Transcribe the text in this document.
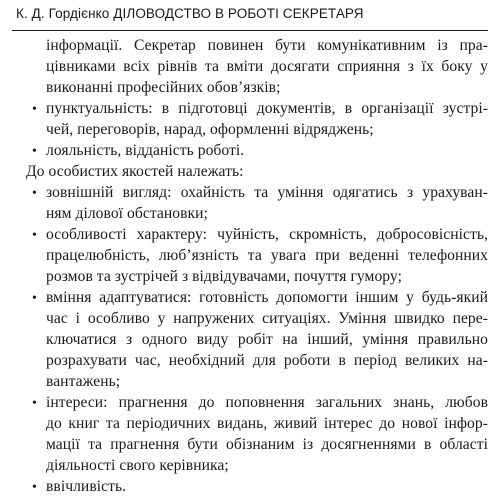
К. Д. Гордієнко ДІЛОВОДСТВО В РОБОТІ СЕКРЕТАРЯ
інформації. Секретар повинен бути комунікативним із пра-
цівниками всіх рівнів та вміти досягати сприяння з їх боку у
виконанні професійних обов’язків;
• пунктуальність: в підготовці документів, в організації зустрі-
чей, переговорів, нарад, оформленні відряджень;
• лояльність, відданість роботі.
До особистих якостей належать:
• зовнішній вигляд: охайність та уміння одягатись з урахуван-
ням ділової обстановки;
• особливості характеру: чуйність, скромність, добросовісність,
працелюбність, люб’язність та увага при веденні телефонних
розмов та зустрічей з відвідувачами, почуття гумору;
• вміння адаптуватися: готовність допомогти іншим у будь-який
час і особливо у напружених ситуаціях. Уміння швидко пере-
ключатися з одного виду робіт на інший, уміння правильно
розрахувати час, необхідний для роботи в період великих на-
вантажень;
• інтереси: прагнення до поповнення загальних знань, любов
до книг та періодичних видань, живий інтерес до нової інфор-
мації та прагнення бути обізнаним із досягненнями в області
діяльності свого керівника;
• ввічливість.
